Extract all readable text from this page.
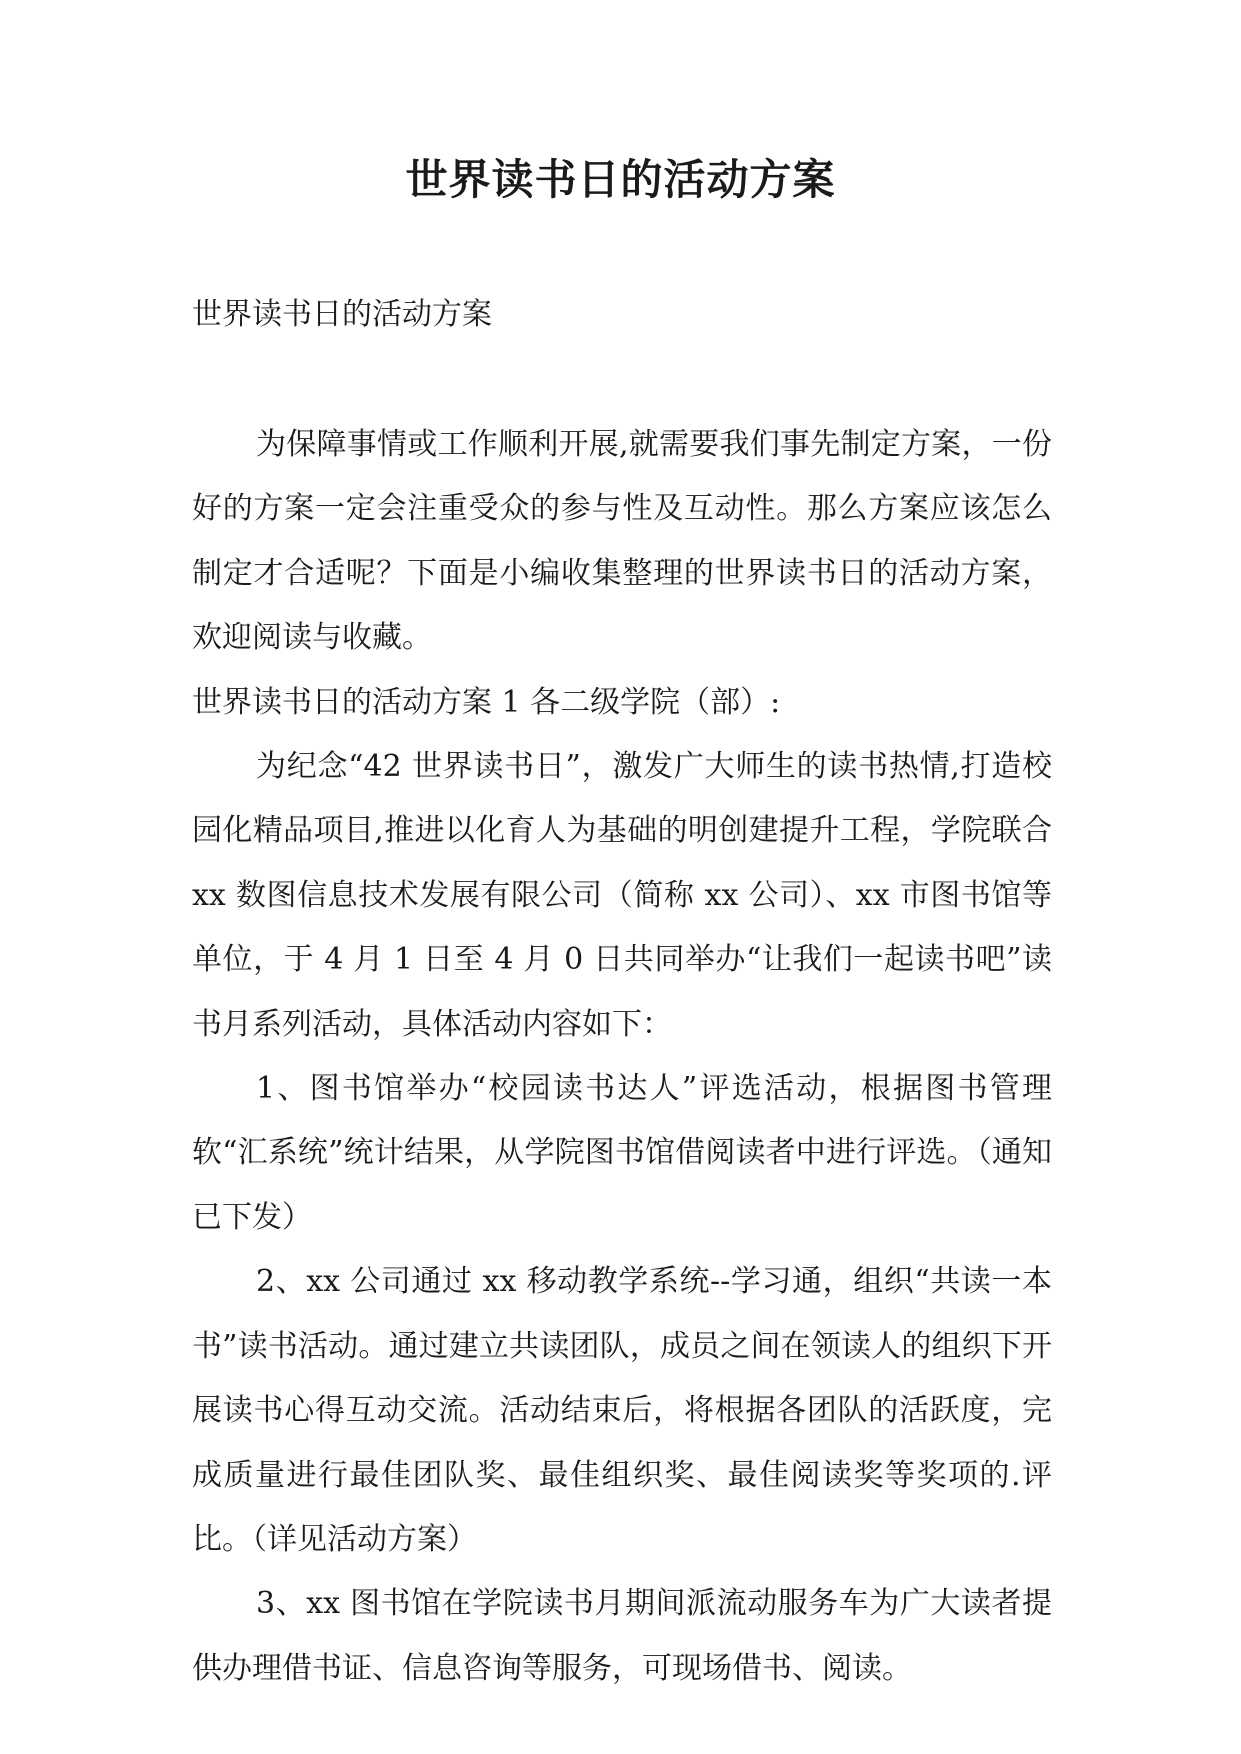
世界读书日的活动方案
世界读书日的活动方案

为保障事情或工作顺利开展,就需要我们事先制定方案，一份好的方案一定会注重受众的参与性及互动性。那么方案应该怎么制定才合适呢？下面是小编收集整理的世界读书日的活动方案，欢迎阅读与收藏。

世界读书日的活动方案 1 各二级学院（部）:

为纪念“42 世界读书日”，激发广大师生的读书热情,打造校园化精品项目,推进以化育人为基础的明创建提升工程，学院联合 xx 数图信息技术发展有限公司（简称 xx 公司）、xx 市图书馆等单位，于 4 月 1 日至 4 月 0 日共同举办“让我们一起读书吧”读书月系列活动，具体活动内容如下：

1、图书馆举办“校园读书达人”评选活动，根据图书管理软“汇系统”统计结果，从学院图书馆借阅读者中进行评选。（通知已下发）

2、xx 公司通过 xx 移动教学系统--学习通，组织“共读一本书”读书活动。通过建立共读团队，成员之间在领读人的组织下开展读书心得互动交流。活动结束后，将根据各团队的活跃度，完成质量进行最佳团队奖、最佳组织奖、最佳阅读奖等奖项的.评比。（详见活动方案）

3、xx 图书馆在学院读书月期间派流动服务车为广大读者提供办理借书证、信息咨询等服务，可现场借书、阅读。
